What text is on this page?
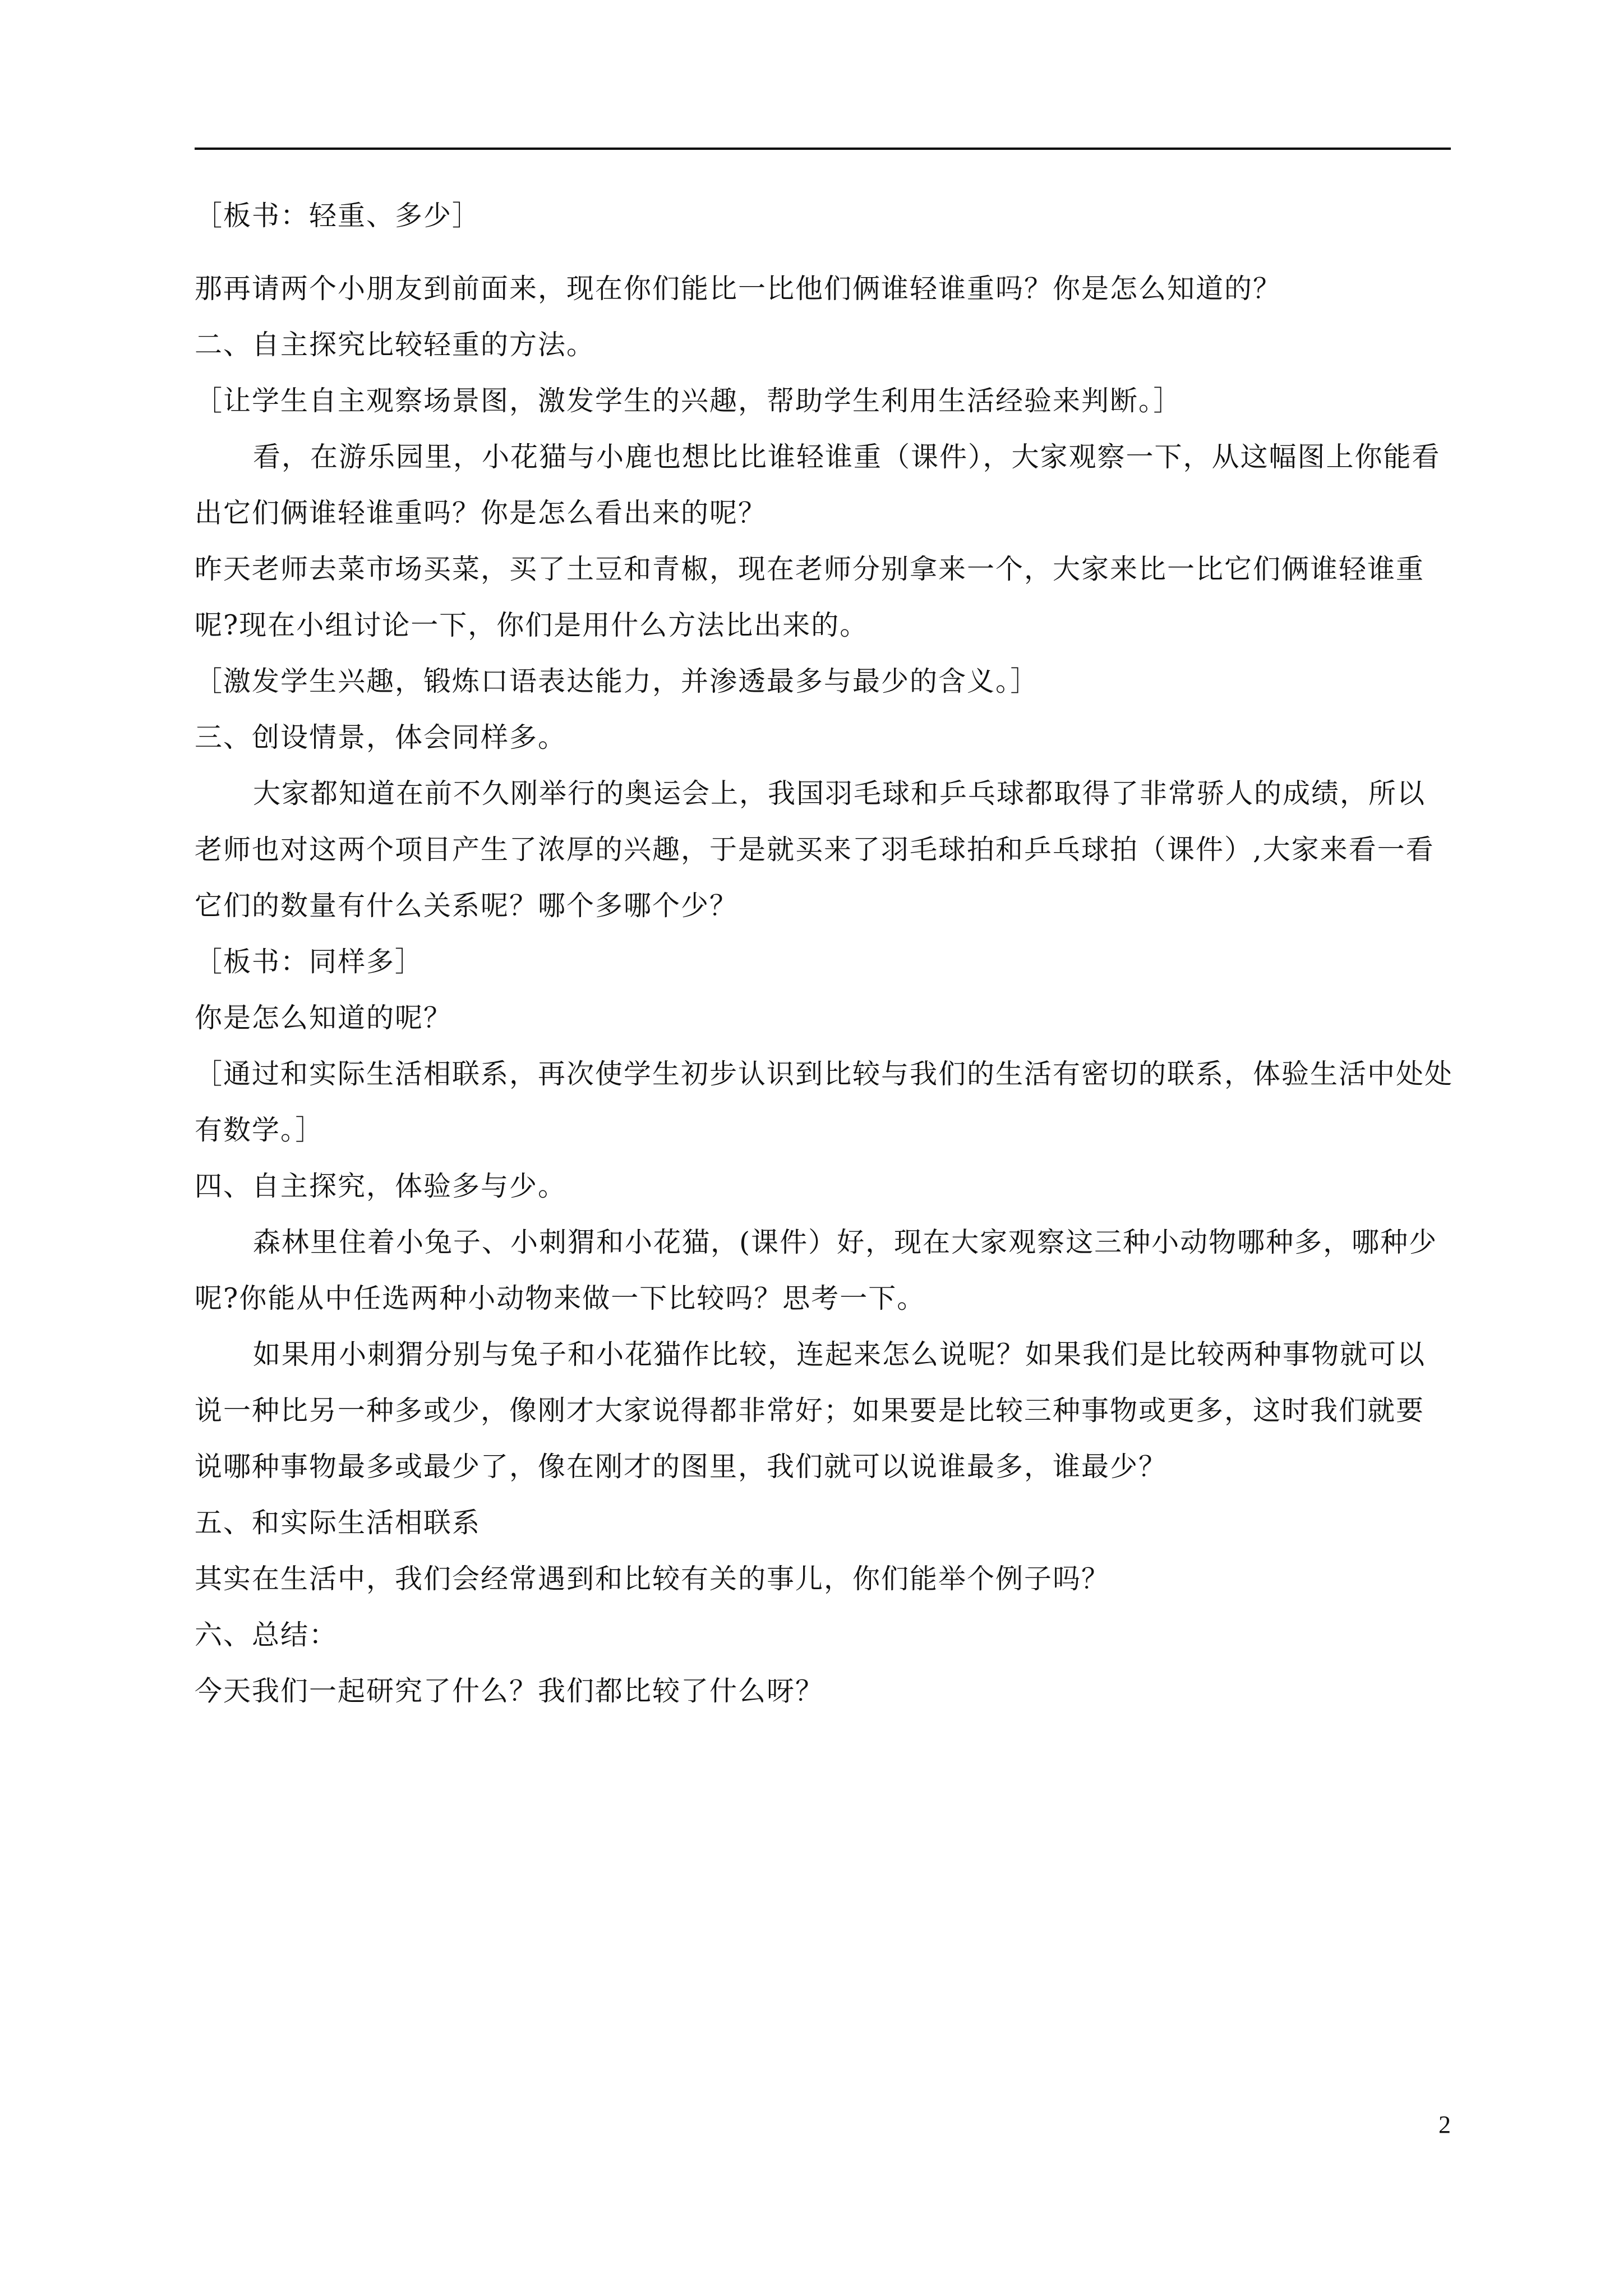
［板书：轻重、多少］
那再请两个小朋友到前面来，现在你们能比一比他们俩谁轻谁重吗？你是怎么知道的？
二、自主探究比较轻重的方法。
［让学生自主观察场景图，激发学生的兴趣，帮助学生利用生活经验来判断。］
看，在游乐园里，小花猫与小鹿也想比比谁轻谁重（课件），大家观察一下，从这幅图上你能看
出它们俩谁轻谁重吗？你是怎么看出来的呢？
昨天老师去菜市场买菜，买了土豆和青椒，现在老师分别拿来一个，大家来比一比它们俩谁轻谁重
呢?现在小组讨论一下，你们是用什么方法比出来的。
［激发学生兴趣，锻炼口语表达能力，并渗透最多与最少的含义。］
三、创设情景，体会同样多。
大家都知道在前不久刚举行的奥运会上，我国羽毛球和乒乓球都取得了非常骄人的成绩，所以
老师也对这两个项目产生了浓厚的兴趣，于是就买来了羽毛球拍和乒乓球拍（课件）,大家来看一看
它们的数量有什么关系呢？哪个多哪个少？
［板书：同样多］
你是怎么知道的呢？
［通过和实际生活相联系，再次使学生初步认识到比较与我们的生活有密切的联系，体验生活中处处
有数学。］
四、自主探究，体验多与少。
森林里住着小兔子、小刺猬和小花猫，(课件）好，现在大家观察这三种小动物哪种多，哪种少
呢?你能从中任选两种小动物来做一下比较吗？思考一下。
如果用小刺猬分别与兔子和小花猫作比较，连起来怎么说呢？如果我们是比较两种事物就可以
说一种比另一种多或少，像刚才大家说得都非常好；如果要是比较三种事物或更多，这时我们就要
说哪种事物最多或最少了，像在刚才的图里，我们就可以说谁最多，谁最少？
五、和实际生活相联系
其实在生活中，我们会经常遇到和比较有关的事儿，你们能举个例子吗？
六、总结：
今天我们一起研究了什么？我们都比较了什么呀？
2
